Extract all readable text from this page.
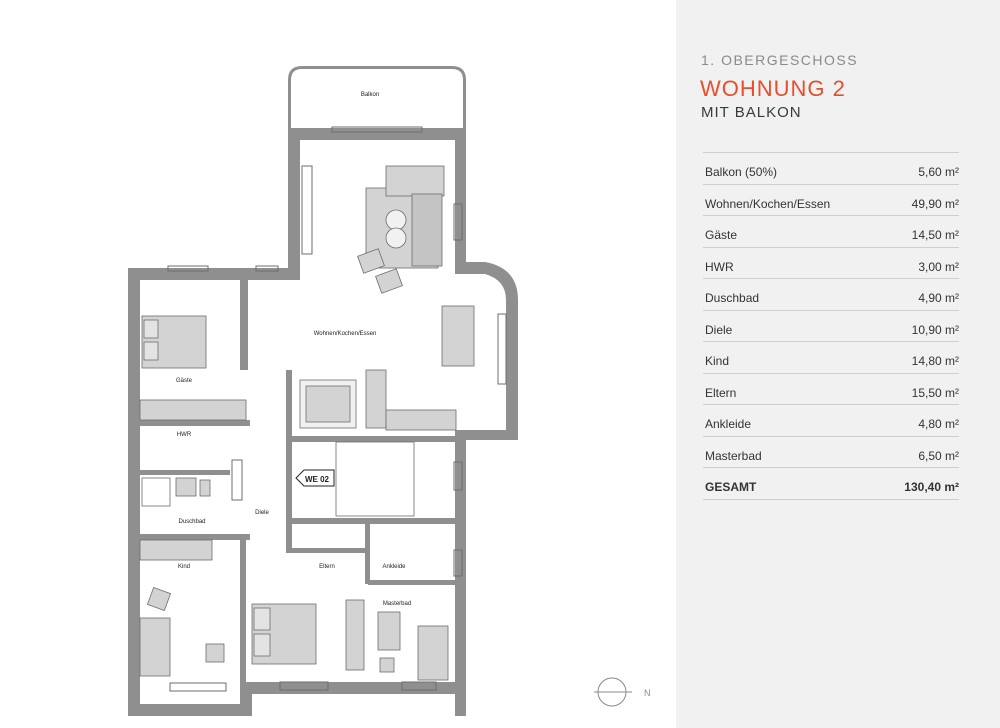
Balkon
Wohnen/Kochen/Essen
Gäste
HWR
Duschbad
Diele
Kind	Eltern	Ankleide
Masterbad
WE 02
N
1. OBERGESCHOSS
WOHNUNG 2
MIT BALKON
Balkon (50%)	5,60 m²
Wohnen/Kochen/Essen	49,90 m²
Gäste	14,50 m²
HWR	3,00 m²
Duschbad	4,90 m²
Diele	10,90 m²
Kind	14,80 m²
Eltern	15,50 m²
Ankleide	4,80 m²
Masterbad	6,50 m²
GESAMT	130,40 m²
